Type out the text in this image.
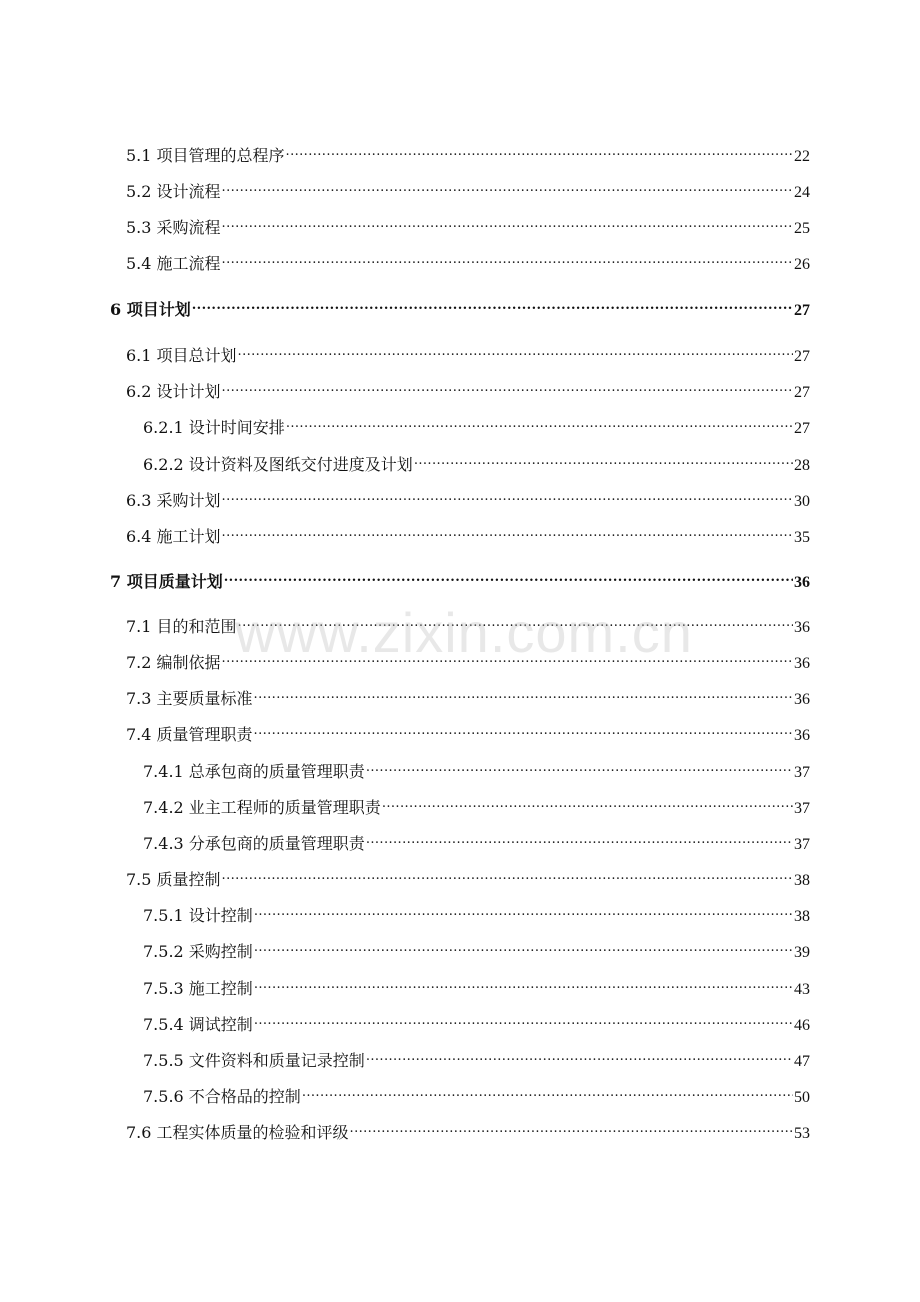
5.1 项目管理的总程序 .....	22
5.2 设计流程 .....	24
5.3 采购流程 .....	25
5.4 施工流程 .....	26
6 项目计划 .....	27
6.1 项目总计划 .....	27
6.2 设计计划 .....	27
6.2.1 设计时间安排 .....	27
6.2.2 设计资料及图纸交付进度及计划 .....	28
6.3 采购计划 .....	30
6.4 施工计划 .....	35
7 项目质量计划 .....	36
7.1 目的和范围 .....	36
7.2 编制依据 .....	36
7.3 主要质量标准 .....	36
7.4 质量管理职责 .....	36
7.4.1 总承包商的质量管理职责 .....	37
7.4.2 业主工程师的质量管理职责 .....	37
7.4.3 分承包商的质量管理职责 .....	37
7.5 质量控制 .....	38
7.5.1 设计控制 .....	38
7.5.2 采购控制 .....	39
7.5.3 施工控制 .....	43
7.5.4 调试控制 .....	46
7.5.5 文件资料和质量记录控制 .....	47
7.5.6 不合格品的控制 .....	50
7.6 工程实体质量的检验和评级 .....	53
www.zixin.com.cn
